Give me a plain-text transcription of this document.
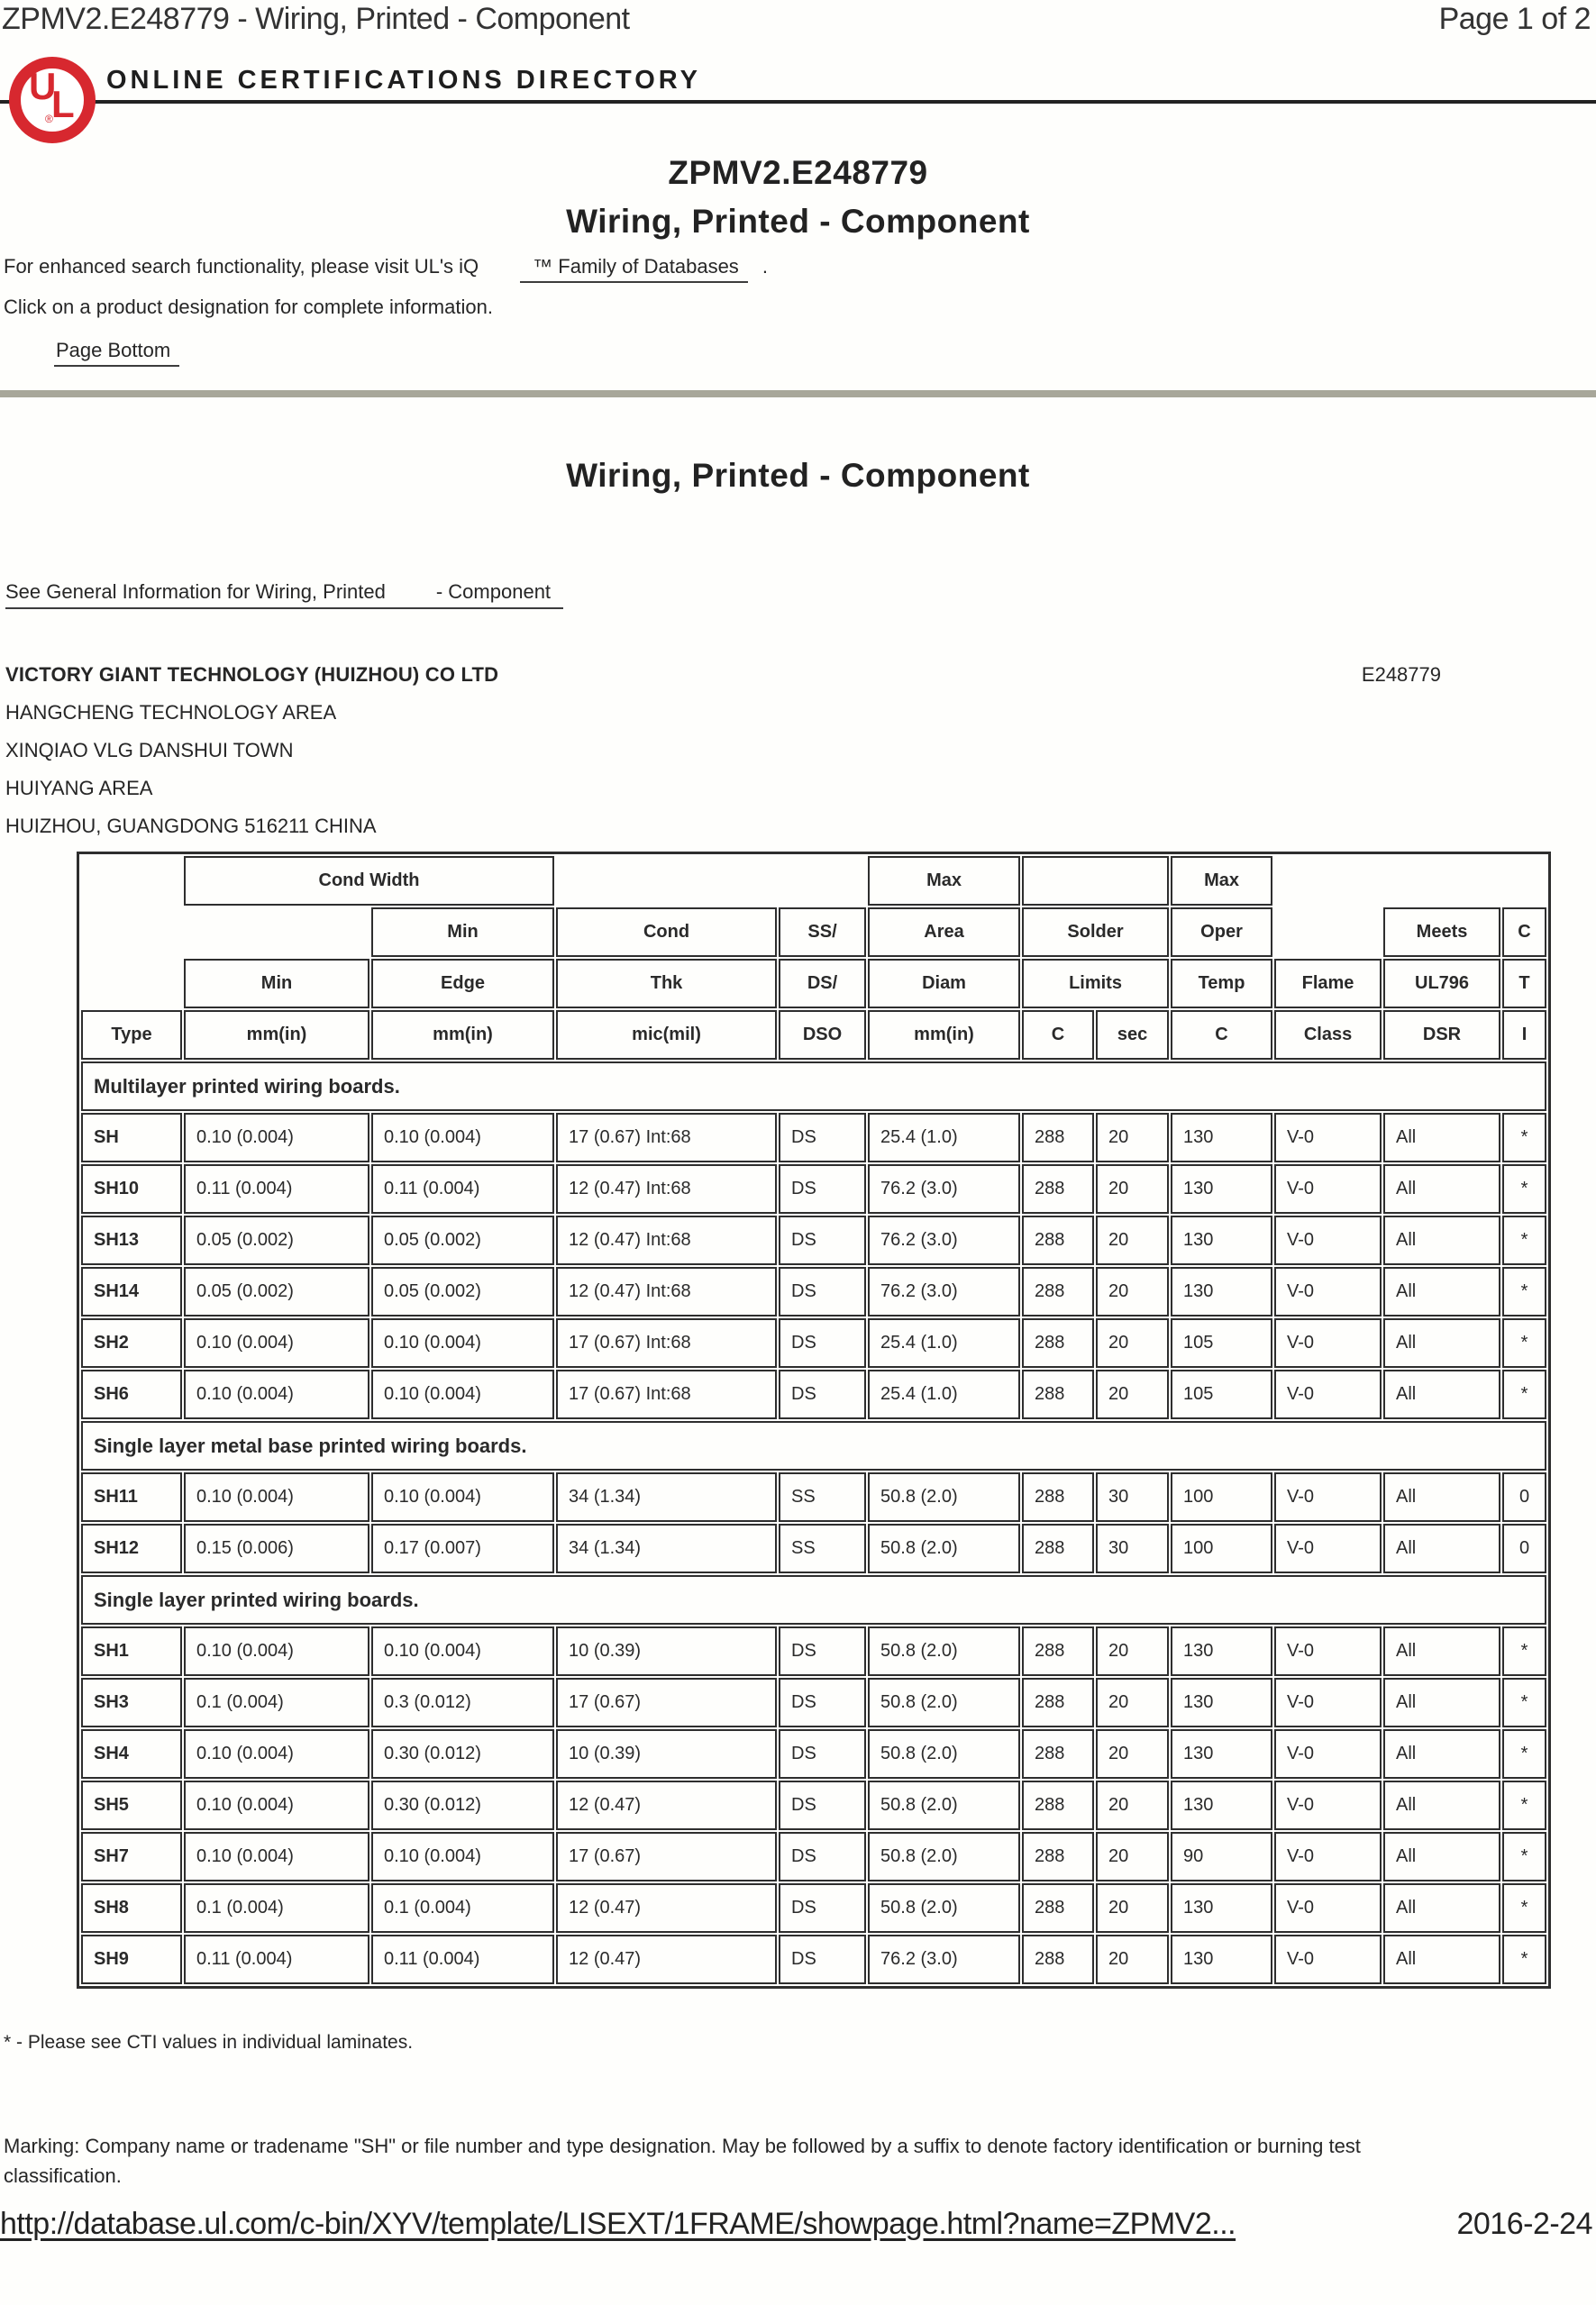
ZPMV2.E248779 - Wiring, Printed - Component	Page 1 of 2
U
L
®
ONLINE CERTIFICATIONS DIRECTORY
ZPMV2.E248779
Wiring, Printed - Component

For enhanced search functionality, please visit UL's iQ	™ Family of Databases .

Click on a product designation for complete information.

Page Bottom

Wiring, Printed - Component

See General Information for Wiring, Printed	- Component

VICTORY GIANT TECHNOLOGY (HUIZHOU) CO LTD	E248779
HANGCHENG TECHNOLOGY AREA
XINQIAO VLG DANSHUI TOWN
HUIYANG AREA
HUIZHOU, GUANGDONG 516211 CHINA
	Cond Width				Max			Max			
		Min	Cond	SS/	Area	Solder		Oper		Meets	C
	Min	Edge	Thk	DS/	Diam	Limits		Temp	Flame	UL796	T
Type	mm(in)	mm(in)	mic(mil)	DSO	mm(in)	C	sec	C	Class	DSR	I
Multilayer printed wiring boards.											
SH	0.10 (0.004)	0.10 (0.004)	17 (0.67) Int:68	DS	25.4 (1.0)	288	20	130	V-0	All	*
SH10	0.11 (0.004)	0.11 (0.004)	12 (0.47) Int:68	DS	76.2 (3.0)	288	20	130	V-0	All	*
SH13	0.05 (0.002)	0.05 (0.002)	12 (0.47) Int:68	DS	76.2 (3.0)	288	20	130	V-0	All	*
SH14	0.05 (0.002)	0.05 (0.002)	12 (0.47) Int:68	DS	76.2 (3.0)	288	20	130	V-0	All	*
SH2	0.10 (0.004)	0.10 (0.004)	17 (0.67) Int:68	DS	25.4 (1.0)	288	20	105	V-0	All	*
SH6	0.10 (0.004)	0.10 (0.004)	17 (0.67) Int:68	DS	25.4 (1.0)	288	20	105	V-0	All	*
Single layer metal base printed wiring boards.											
SH11	0.10 (0.004)	0.10 (0.004)	34 (1.34)	SS	50.8 (2.0)	288	30	100	V-0	All	0
SH12	0.15 (0.006)	0.17 (0.007)	34 (1.34)	SS	50.8 (2.0)	288	30	100	V-0	All	0
Single layer printed wiring boards.											
SH1	0.10 (0.004)	0.10 (0.004)	10 (0.39)	DS	50.8 (2.0)	288	20	130	V-0	All	*
SH3	0.1 (0.004)	0.3 (0.012)	17 (0.67)	DS	50.8 (2.0)	288	20	130	V-0	All	*
SH4	0.10 (0.004)	0.30 (0.012)	10 (0.39)	DS	50.8 (2.0)	288	20	130	V-0	All	*
SH5	0.10 (0.004)	0.30 (0.012)	12 (0.47)	DS	50.8 (2.0)	288	20	130	V-0	All	*
SH7	0.10 (0.004)	0.10 (0.004)	17 (0.67)	DS	50.8 (2.0)	288	20	90	V-0	All	*
SH8	0.1 (0.004)	0.1 (0.004)	12 (0.47)	DS	50.8 (2.0)	288	20	130	V-0	All	*
SH9	0.11 (0.004)	0.11 (0.004)	12 (0.47)	DS	76.2 (3.0)	288	20	130	V-0	All	*

* - Please see CTI values in individual laminates.

Marking: Company name or tradename "SH" or file number and type designation. May be followed by a suffix to denote factory identification or burning test classification.

http://database.ul.com/c-bin/XYV/template/LISEXT/1FRAME/showpage.html?name=ZPMV2...	2016-2-24
